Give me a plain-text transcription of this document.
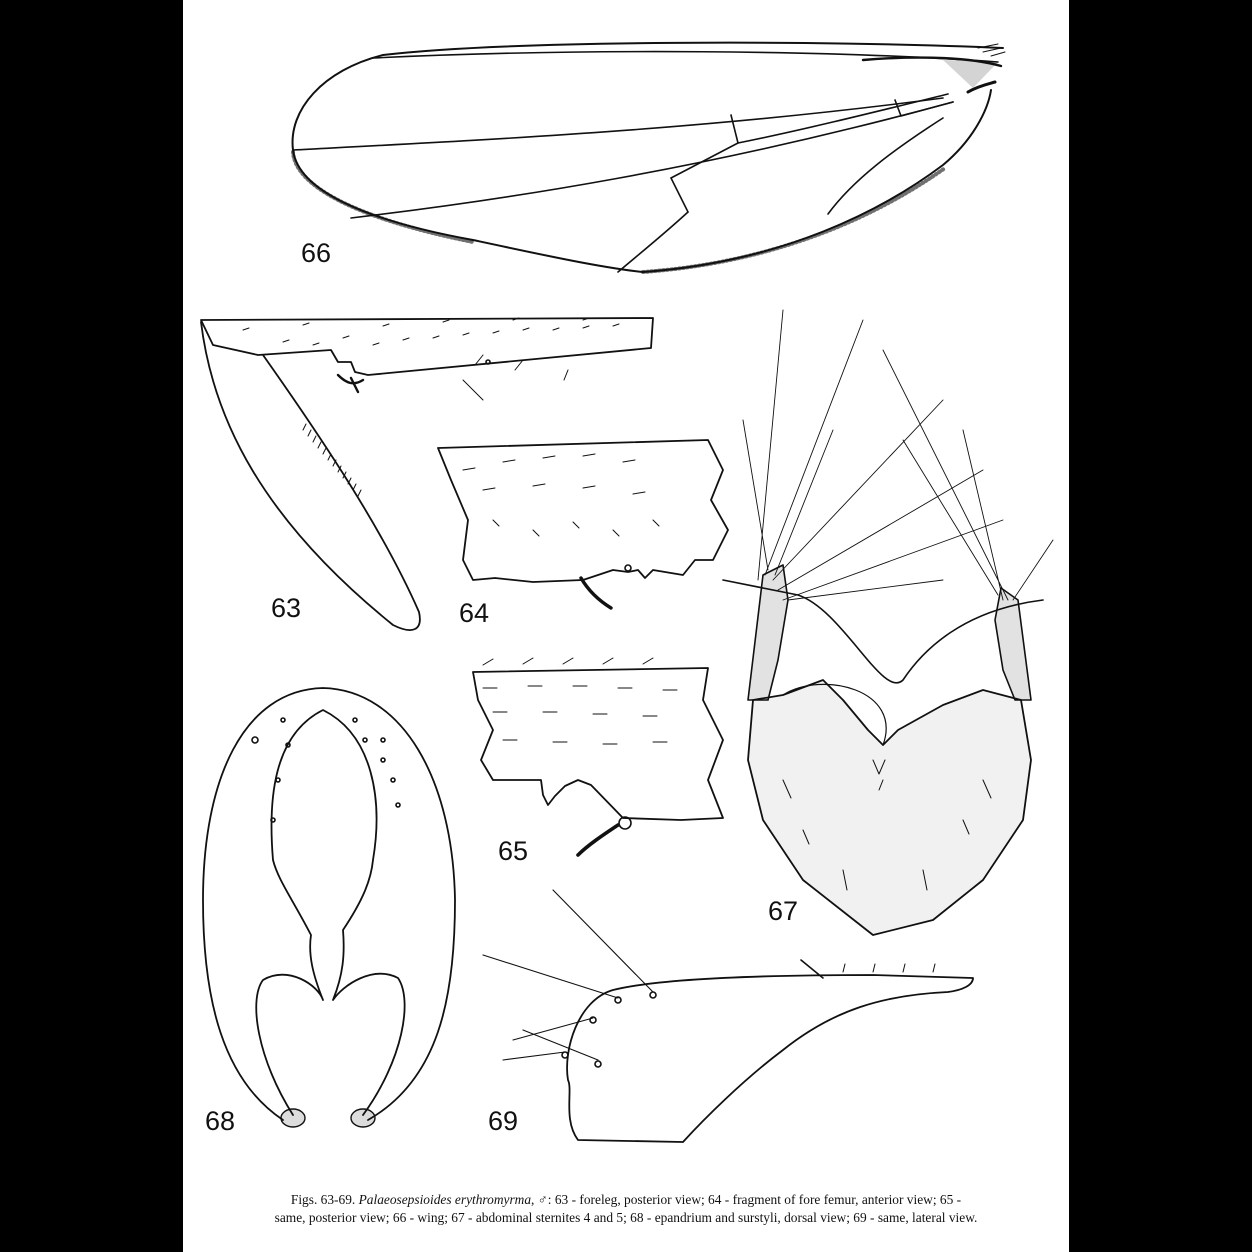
66
63	64
65
67
68	69
Figs. 63-69. Palaeosepsioides erythromyrma, ♂: 63 - foreleg, posterior view; 64 - fragment of fore femur, anterior view; 65 -
same, posterior view; 66 - wing; 67 - abdominal sternites 4 and 5; 68 - epandrium and surstyli, dorsal view; 69 - same, lateral view.
